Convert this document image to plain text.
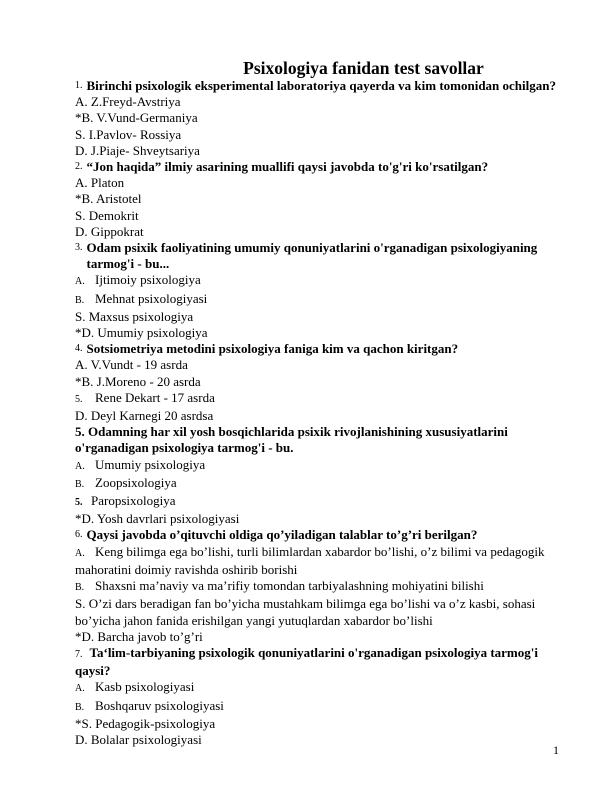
Psixologiya fanidan test savollar
1. Birinchi psixologik eksperimental laboratoriya qayerda va kim tomonidan ochilgan?
A. Z.Freyd-Avstriya
*B. V.Vund-Germaniya
S. I.Pavlov- Rossiya
D. J.Piaje- Shveytsariya
2. “Jon haqida” ilmiy asarining muallifi qaysi javobda to'g'ri ko'rsatilgan?
A. Platon
*B. Aristotel
S. Demokrit
D. Gippokrat
3. Odam psixik faoliyatining umumiy qonuniyatlarini o'rganadigan psixologiyaning tarmog'i - bu...
A. Ijtimoiy psixologiya
B. Mehnat psixologiyasi
S. Maxsus psixologiya
*D. Umumiy psixologiya
4. Sotsiometriya metodini psixologiya faniga kim va qachon kiritgan?
A. V.Vundt - 19 asrda
*B. J.Moreno - 20 asrda
5. Rene Dekart - 17 asrda
D. Deyl Karnegi 20 asrdsa
5. Odamning har xil yosh bosqichlarida psixik rivojlanishining xususiyatlarini o'rganadigan psixologiya tarmog'i - bu.
A. Umumiy psixologiya
B. Zoopsixologiya
5. Paropsixologiya
*D. Yosh davrlari psixologiyasi
6. Qaysi javobda o’qituvchi oldiga qo’yiladigan talablar to’g’ri berilgan?
A. Keng bilimga ega bo’lishi, turli bilimlardan xabardor bo’lishi, o’z bilimi va pedagogik mahoratini doimiy ravishda oshirib borishi
B. Shaxsni ma’naviy va ma’rifiy tomondan tarbiyalashning mohiyatini bilishi
S. O’zi dars beradigan fan bo’yicha mustahkam bilimga ega bo’lishi va o’z kasbi, sohasi bo’yicha jahon fanida erishilgan yangi yutuqlardan xabardor bo’lishi
*D. Barcha javob to’g’ri
7. Ta‘lim-tarbiyaning psixologik qonuniyatlarini o'rganadigan psixologiya tarmog'i qaysi?
A. Kasb psixologiyasi
B. Boshqaruv psixologiyasi
*S. Pedagogik-psixologiya
D. Bolalar psixologiyasi
1
